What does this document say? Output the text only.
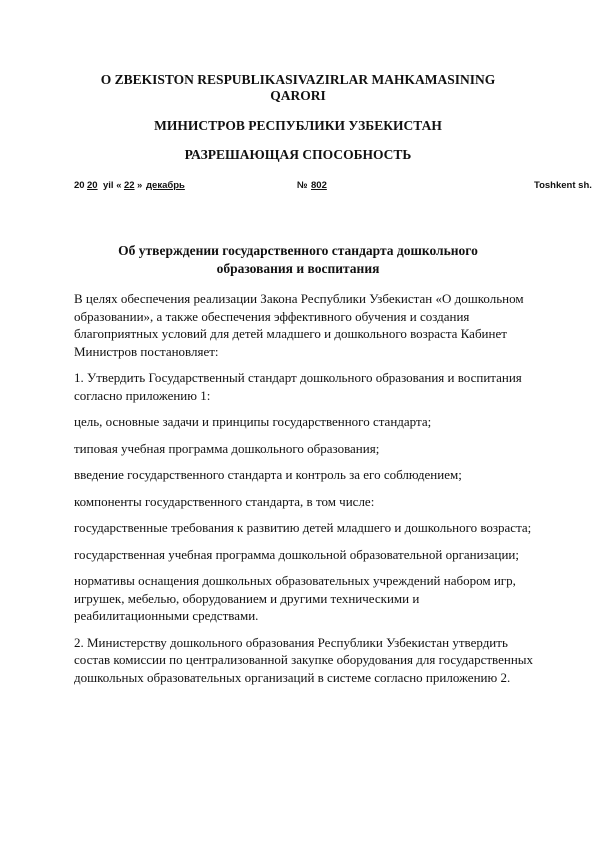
O ZBEKISTON RESPUBLIKASIVAZIRLAR MAHKAMASINING
QARORI
МИНИСТРОВ РЕСПУБЛИКИ УЗБЕКИСТАН
РАЗРЕШАЮЩАЯ СПОСОБНОСТЬ
20 20 yil « 22 » декабрь	№ 802	Toshkent sh.
Об утверждении государственного стандарта дошкольного
образования и воспитания

В целях обеспечения реализации Закона Республики Узбекистан «О дошкольном образовании», а также обеспечения эффективного обучения и создания благоприятных условий для детей младшего и дошкольного возраста Кабинет Министров постановляет:

1. Утвердить Государственный стандарт дошкольного образования и воспитания согласно приложению 1:

цель, основные задачи и принципы государственного стандарта;

типовая учебная программа дошкольного образования;

введение государственного стандарта и контроль за его соблюдением;

компоненты государственного стандарта, в том числе:

государственные требования к развитию детей младшего и дошкольного возраста;

государственная учебная программа дошкольной образовательной организации;

нормативы оснащения дошкольных образовательных учреждений набором игр, игрушек, мебелью, оборудованием и другими техническими и реабилитационными средствами.

2. Министерству дошкольного образования Республики Узбекистан утвердить состав комиссии по централизованной закупке оборудования для государственных дошкольных образовательных организаций в системе согласно приложению 2.
